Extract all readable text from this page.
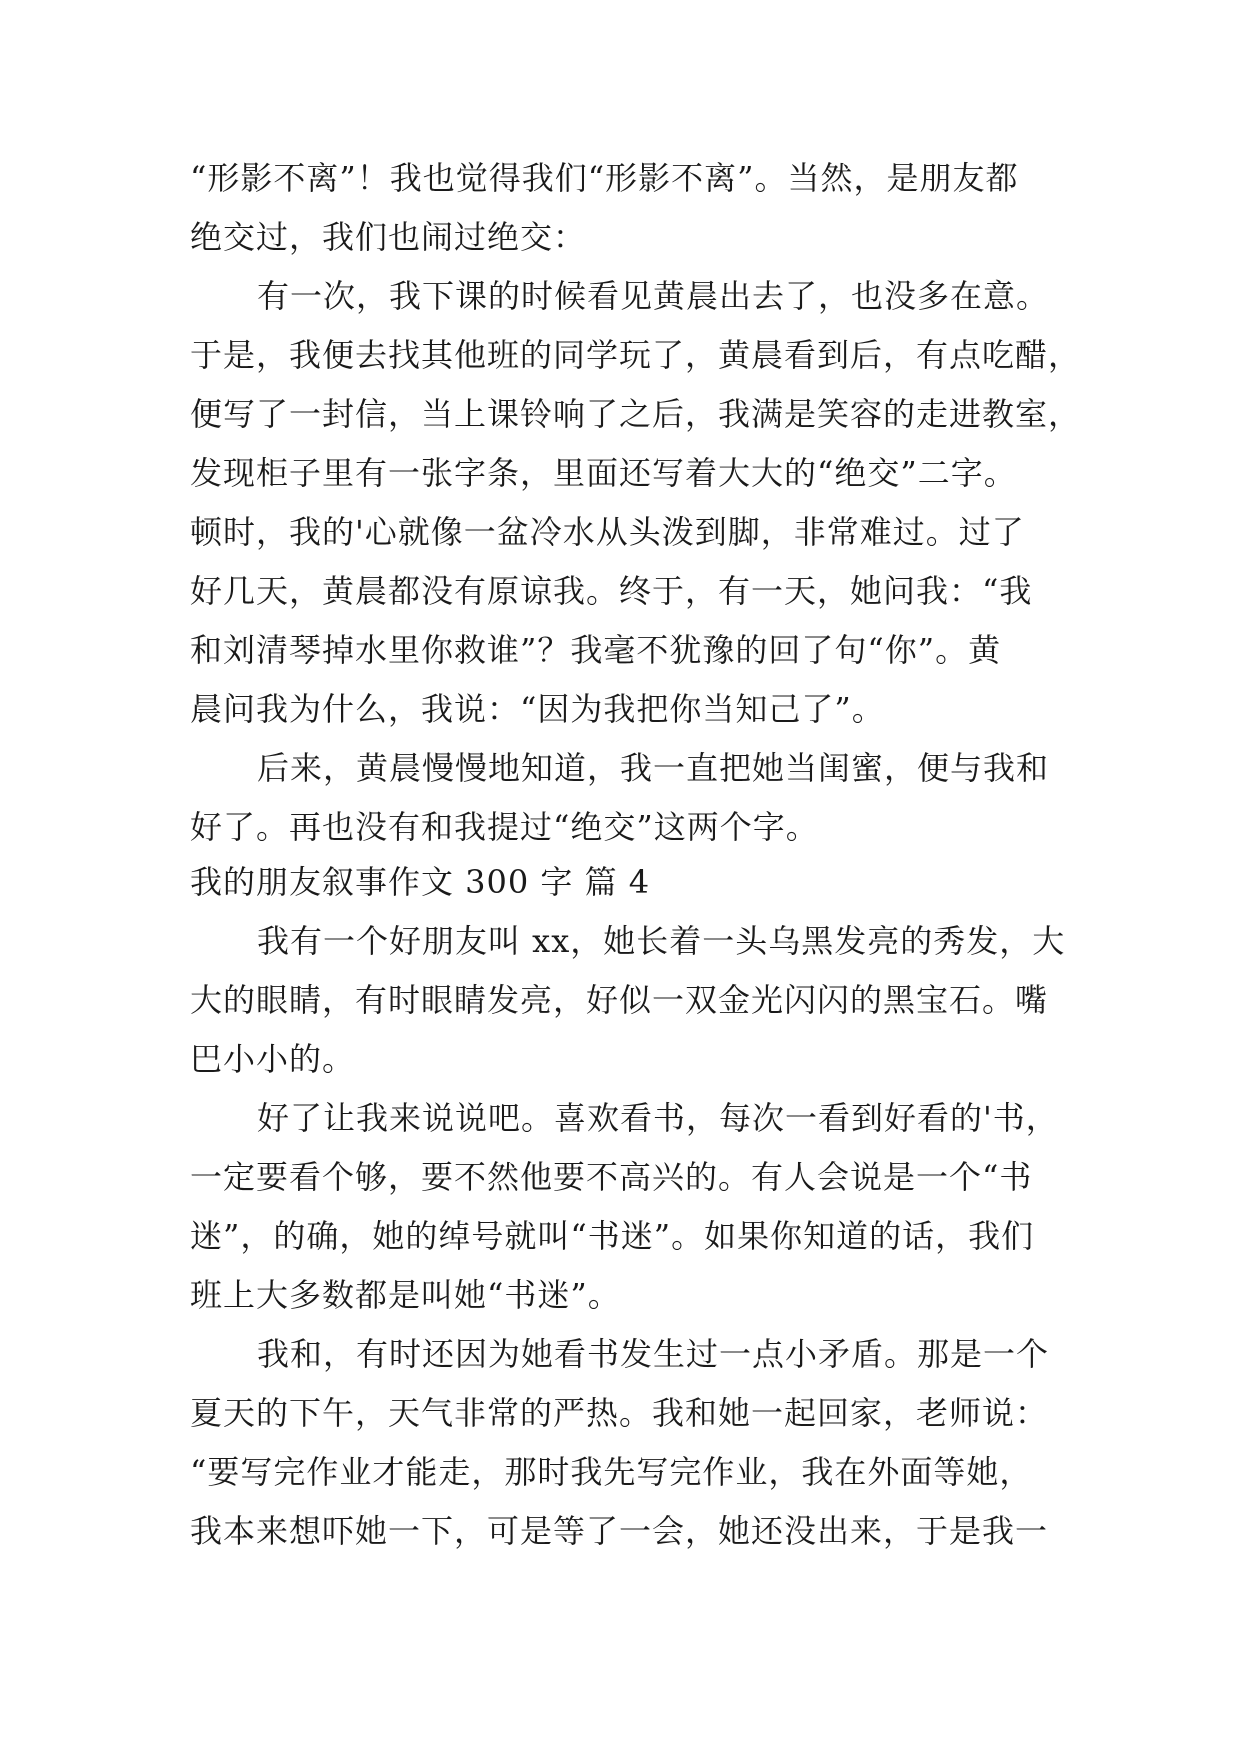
“形影不离”！我也觉得我们“形影不离”。当然，是朋友都
绝交过，我们也闹过绝交：
有一次，我下课的时候看见黄晨出去了，也没多在意。
于是，我便去找其他班的同学玩了，黄晨看到后，有点吃醋，
便写了一封信，当上课铃响了之后，我满是笑容的走进教室，
发现柜子里有一张字条，里面还写着大大的“绝交”二字。
顿时，我的'心就像一盆冷水从头泼到脚，非常难过。过了
好几天，黄晨都没有原谅我。终于，有一天，她问我：“我
和刘清琴掉水里你救谁”？我毫不犹豫的回了句“你”。黄
晨问我为什么，我说：“因为我把你当知己了”。
后来，黄晨慢慢地知道，我一直把她当闺蜜，便与我和
好了。再也没有和我提过“绝交”这两个字。
我的朋友叙事作文 300 字 篇 4
我有一个好朋友叫 xx，她长着一头乌黑发亮的秀发，大
大的眼睛，有时眼睛发亮，好似一双金光闪闪的黑宝石。嘴
巴小小的。
好了让我来说说吧。喜欢看书，每次一看到好看的'书，
一定要看个够，要不然他要不高兴的。有人会说是一个“书
迷”，的确，她的绰号就叫“书迷”。如果你知道的话，我们
班上大多数都是叫她“书迷”。
我和，有时还因为她看书发生过一点小矛盾。那是一个
夏天的下午，天气非常的严热。我和她一起回家，老师说：
“要写完作业才能走，那时我先写完作业，我在外面等她，
我本来想吓她一下，可是等了一会，她还没出来，于是我一
